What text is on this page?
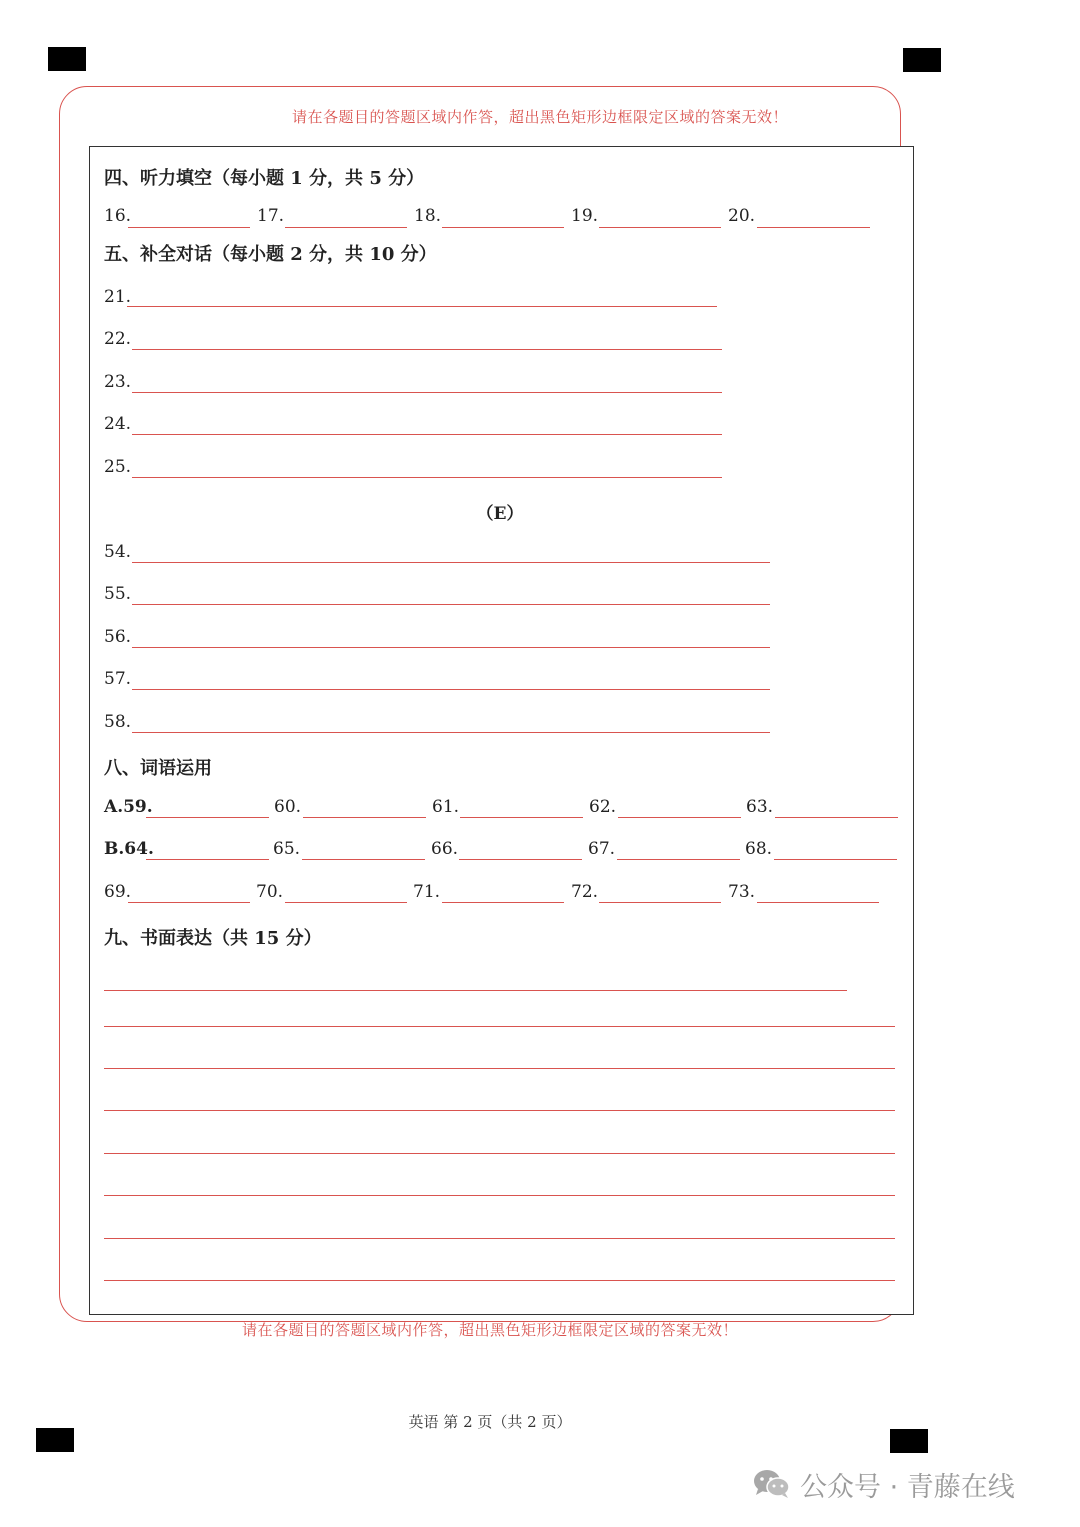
请在各题目的答题区域内作答，超出黑色矩形边框限定区域的答案无效！
四、听力填空（每小题 1 分，共 5 分）
16.	17.	18.	19.	20.
五、补全对话（每小题 2 分，共 10 分）
21.
22.
23.
24.
25.
（E）
54.
55.
56.
57.
58.
八、词语运用
A.59.	60.	61.	62.	63.
B.64.	65.	66.	67.	68.
69.	70.	71.	72.	73.
九、书面表达（共 15 分）
请在各题目的答题区域内作答，超出黑色矩形边框限定区域的答案无效！
英语 第 2 页（共 2 页）
公众号 · 青藤在线
